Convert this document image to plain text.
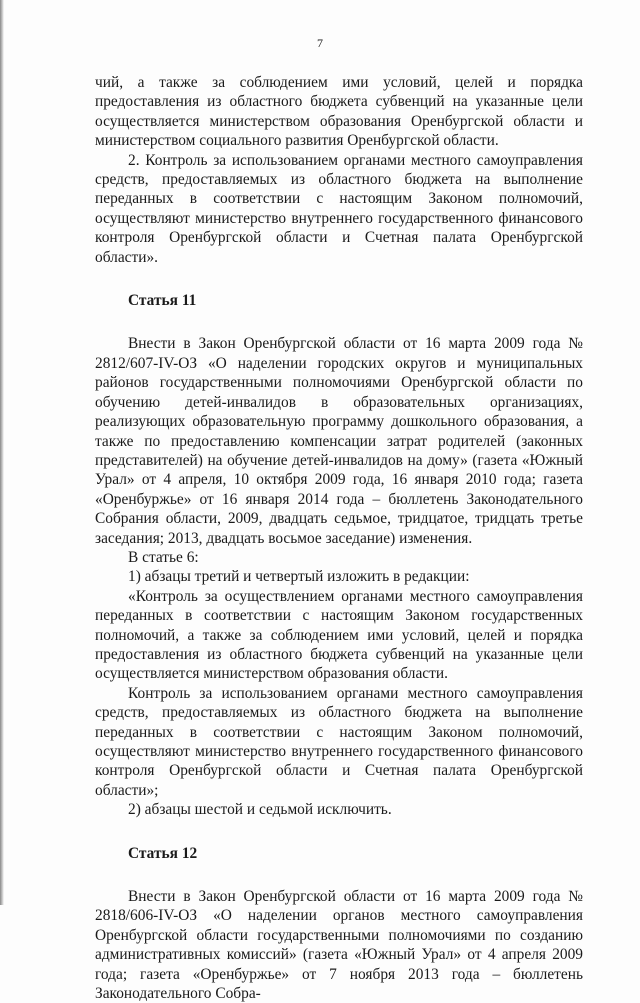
7

чий, а также за соблюдением ими условий, целей и порядка предоставления из областного бюджета субвенций на указанные цели осуществляется министерством образования Оренбургской области и министерством социального развития Оренбургской области.

2. Контроль за использованием органами местного самоуправления средств, предоставляемых из областного бюджета на выполнение переданных в соответствии с настоящим Законом полномочий, осуществляют министерство внутреннего государственного финансового контроля Оренбургской области и Счетная палата Оренбургской области».

Статья 11

Внести в Закон Оренбургской области от 16 марта 2009 года № 2812/607-IV-ОЗ «О наделении городских округов и муниципальных районов государственными полномочиями Оренбургской области по обучению детей-инвалидов в образовательных организациях, реализующих образовательную программу дошкольного образования, а также по предоставлению компенсации затрат родителей (законных представителей) на обучение детей-инвалидов на дому» (газета «Южный Урал» от 4 апреля, 10 октября 2009 года, 16 января 2010 года; газета «Оренбуржье» от 16 января 2014 года – бюллетень Законодательного Собрания области, 2009, двадцать седьмое, тридцатое, тридцать третье заседания; 2013, двадцать восьмое заседание) изменения.

В статье 6:

1) абзацы третий и четвертый изложить в редакции:

«Контроль за осуществлением органами местного самоуправления переданных в соответствии с настоящим Законом государственных полномочий, а также за соблюдением ими условий, целей и порядка предоставления из областного бюджета субвенций на указанные цели осуществляется министерством образования области.

Контроль за использованием органами местного самоуправления средств, предоставляемых из областного бюджета на выполнение переданных в соответствии с настоящим Законом полномочий, осуществляют министерство внутреннего государственного финансового контроля Оренбургской области и Счетная палата Оренбургской области»;

2) абзацы шестой и седьмой исключить.

Статья 12

Внести в Закон Оренбургской области от 16 марта 2009 года № 2818/606-IV-ОЗ «О наделении органов местного самоуправления Оренбургской области государственными полномочиями по созданию административных комиссий» (газета «Южный Урал» от 4 апреля 2009 года; газета «Оренбуржье» от 7 ноября 2013 года – бюллетень Законодательного Собра-
